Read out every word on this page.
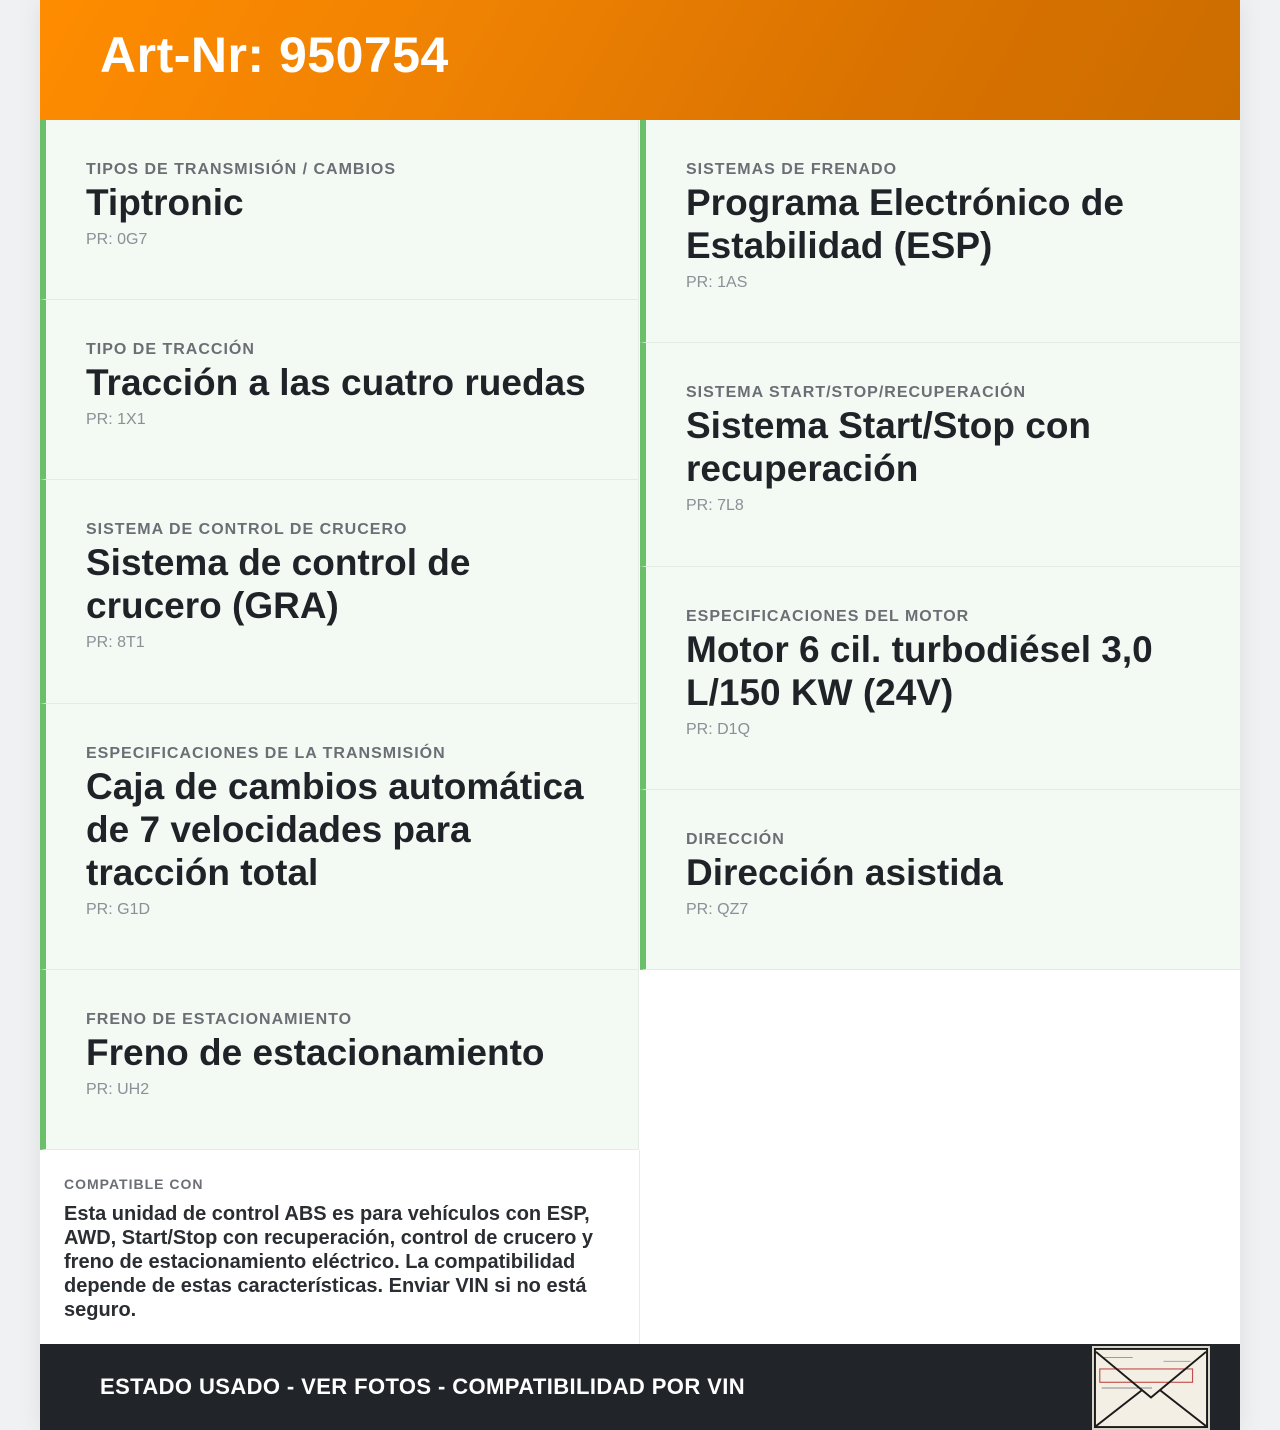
Art-Nr: 950754
TIPOS DE TRANSMISIÓN / CAMBIOS
Tiptronic
PR: 0G7
TIPO DE TRACCIÓN
Tracción a las cuatro ruedas
PR: 1X1
SISTEMA DE CONTROL DE CRUCERO
Sistema de control de crucero (GRA)
PR: 8T1
ESPECIFICACIONES DE LA TRANSMISIÓN
Caja de cambios automática de 7 velocidades para tracción total
PR: G1D
FRENO DE ESTACIONAMIENTO
Freno de estacionamiento
PR: UH2
SISTEMAS DE FRENADO
Programa Electrónico de Estabilidad (ESP)
PR: 1AS
SISTEMA START/STOP/RECUPERACIÓN
Sistema Start/Stop con recuperación
PR: 7L8
ESPECIFICACIONES DEL MOTOR
Motor 6 cil. turbodiésel 3,0 L/150 KW (24V)
PR: D1Q
DIRECCIÓN
Dirección asistida
PR: QZ7
COMPATIBLE CON
Esta unidad de control ABS es para vehículos con ESP, AWD, Start/Stop con recuperación, control de crucero y freno de estacionamiento eléctrico. La compatibilidad depende de estas características. Enviar VIN si no está seguro.
ESTADO USADO - VER FOTOS - COMPATIBILIDAD POR VIN
